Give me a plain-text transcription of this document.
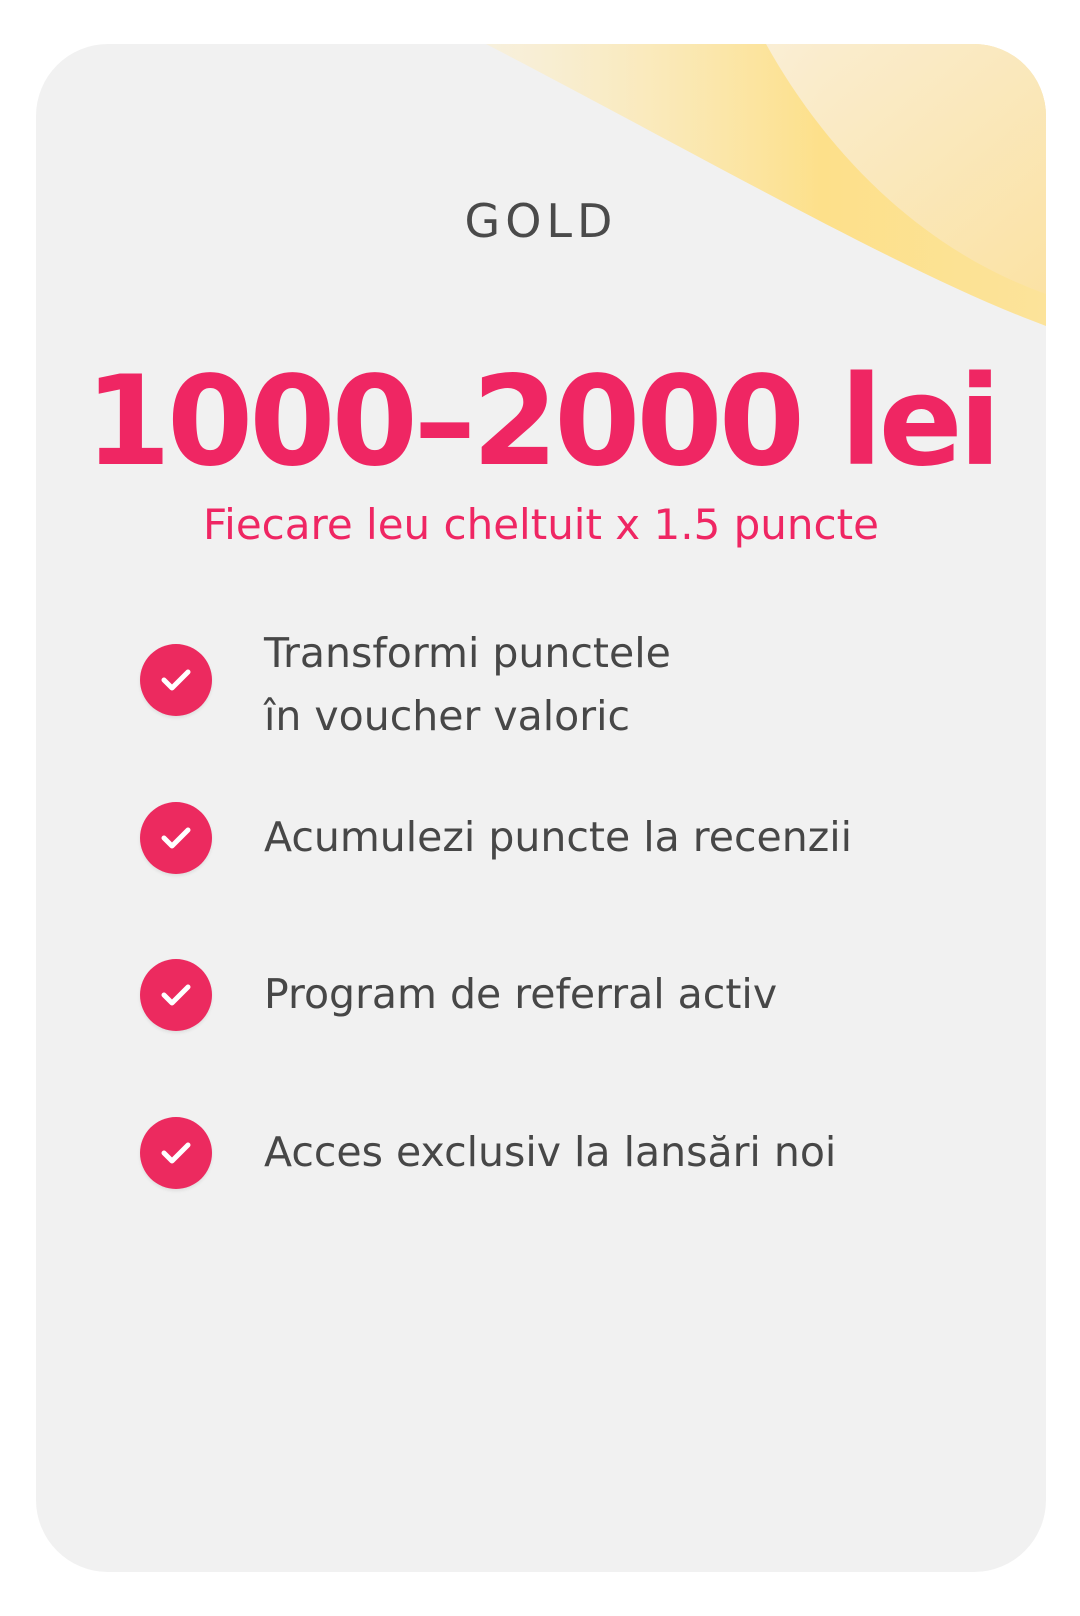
GOLD
1000–2000 lei
Fiecare leu cheltuit x 1.5 puncte
Transformi punctele
în voucher valoric
Acumulezi puncte la recenzii
Program de referral activ
Acces exclusiv la lansări noi
